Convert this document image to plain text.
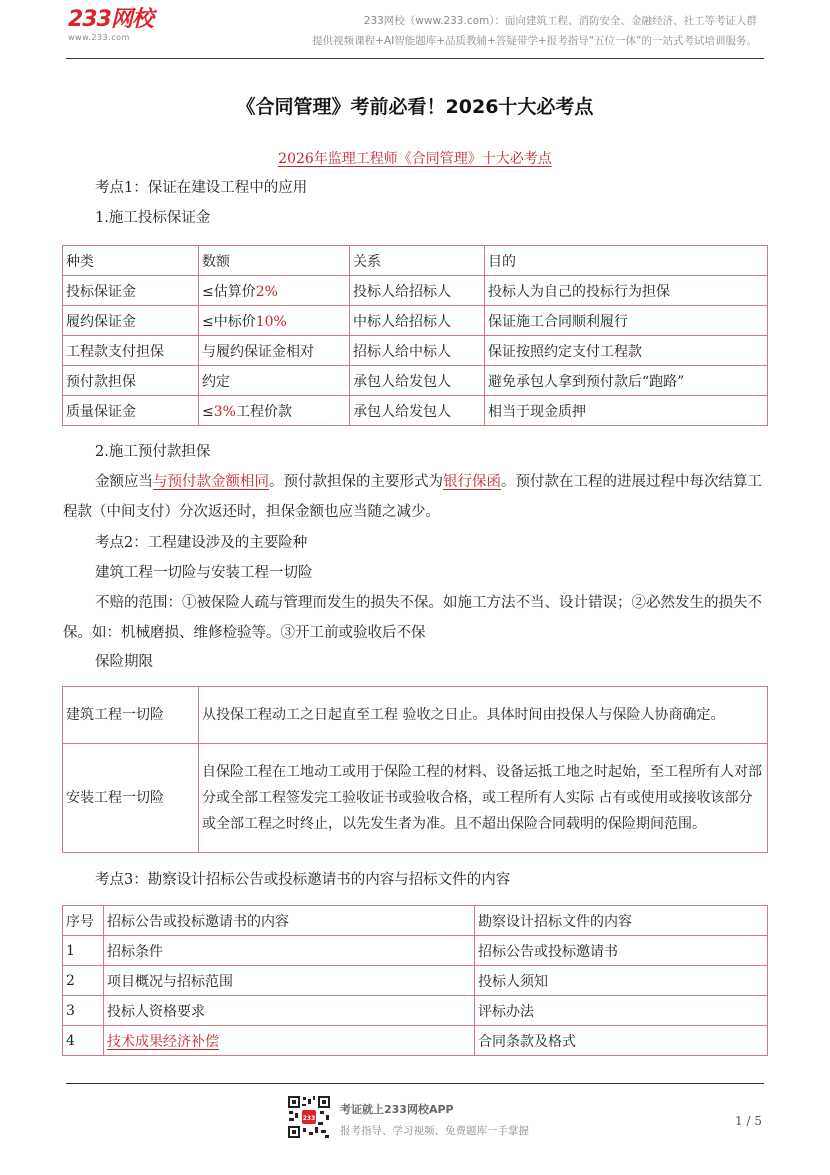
233网校
www.233.com
233网校（www.233.com）：面向建筑工程、消防安全、金融经济、社工等考证人群
提供视频课程+AI智能题库+品质教辅+答疑带学+报考指导“五位一体”的一站式考试培训服务。
《合同管理》考前必看！2026十大必考点
2026年监理工程师《合同管理》十大必考点
考点1：保证在建设工程中的应用
1.施工投标保证金
种类	数额	关系	目的
投标保证金	≤估算价2%	投标人给招标人	投标人为自己的投标行为担保
履约保证金	≤中标价10%	中标人给招标人	保证施工合同顺利履行
工程款支付担保	与履约保证金相对	招标人给中标人	保证按照约定支付工程款
预付款担保	约定	承包人给发包人	避免承包人拿到预付款后“跑路”
质量保证金	≤3%工程价款	承包人给发包人	相当于现金质押
2.施工预付款担保
金额应当与预付款金额相同。预付款担保的主要形式为银行保函。预付款在工程的进展过程中每次结算工程款（中间支付）分次返还时，担保金额也应当随之减少。
考点2：工程建设涉及的主要险种
建筑工程一切险与安装工程一切险
不赔的范围：①被保险人疏与管理而发生的损失不保。如施工方法不当、设计错误；②必然发生的损失不保。如：机械磨损、维修检验等。③开工前或验收后不保
保险期限
建筑工程一切险	从投保工程动工之日起直至工程 验收之日止。具体时间由投保人与保险人协商确定。
安装工程一切险	自保险工程在工地动工或用于保险工程的材料、设备运抵工地之时起始，至工程所有人对部分或全部工程签发完工验收证书或验收合格，或工程所有人实际 占有或使用或接收该部分或全部工程之时终止，以先发生者为准。且不超出保险合同载明的保险期间范围。
考点3：勘察设计招标公告或投标邀请书的内容与招标文件的内容
序号	招标公告或投标邀请书的内容	勘察设计招标文件的内容
1	招标条件	招标公告或投标邀请书
2	项目概况与招标范围	投标人须知
3	投标人资格要求	评标办法
4	技术成果经济补偿	合同条款及格式
233
考证就上233网校APP
报考指导、学习视频、免费题库一手掌握
1 / 5
